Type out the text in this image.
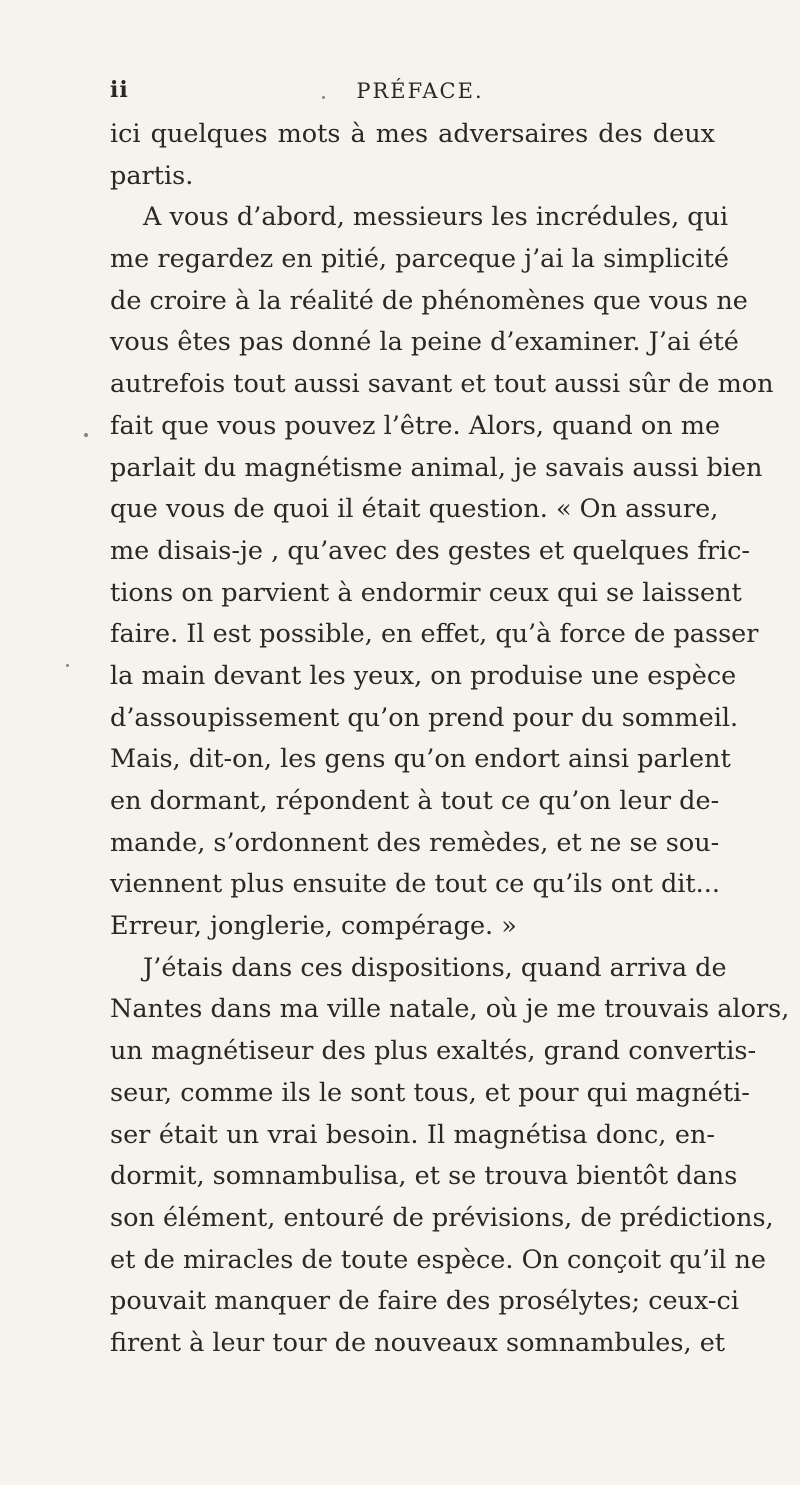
ii	PRÉFACE.
ici quelques mots à mes adversaires des deux
partis.
A vous d’abord, messieurs les incrédules, qui
me regardez en pitié, parceque j’ai la simplicité
de croire à la réalité de phénomènes que vous ne
vous êtes pas donné la peine d’examiner. J’ai été
autrefois tout aussi savant et tout aussi sûr de mon
fait que vous pouvez l’être. Alors, quand on me
parlait du magnétisme animal, je savais aussi bien
que vous de quoi il était question. « On assure,
me disais-je , qu’avec des gestes et quelques fric-
tions on parvient à endormir ceux qui se laissent
faire. Il est possible, en effet, qu’à force de passer
la main devant les yeux, on produise une espèce
d’assoupissement qu’on prend pour du sommeil.
Mais, dit-on, les gens qu’on endort ainsi parlent
en dormant, répondent à tout ce qu’on leur de-
mande, s’ordonnent des remèdes, et ne se sou-
viennent plus ensuite de tout ce qu’ils ont dit...
Erreur, jonglerie, compérage. »
J’étais dans ces dispositions, quand arriva de
Nantes dans ma ville natale, où je me trouvais alors,
un magnétiseur des plus exaltés, grand convertis-
seur, comme ils le sont tous, et pour qui magnéti-
ser était un vrai besoin. Il magnétisa donc, en-
dormit, somnambulisa, et se trouva bientôt dans
son élément, entouré de prévisions, de prédictions,
et de miracles de toute espèce. On conçoit qu’il ne
pouvait manquer de faire des prosélytes; ceux-ci
firent à leur tour de nouveaux somnambules, et
